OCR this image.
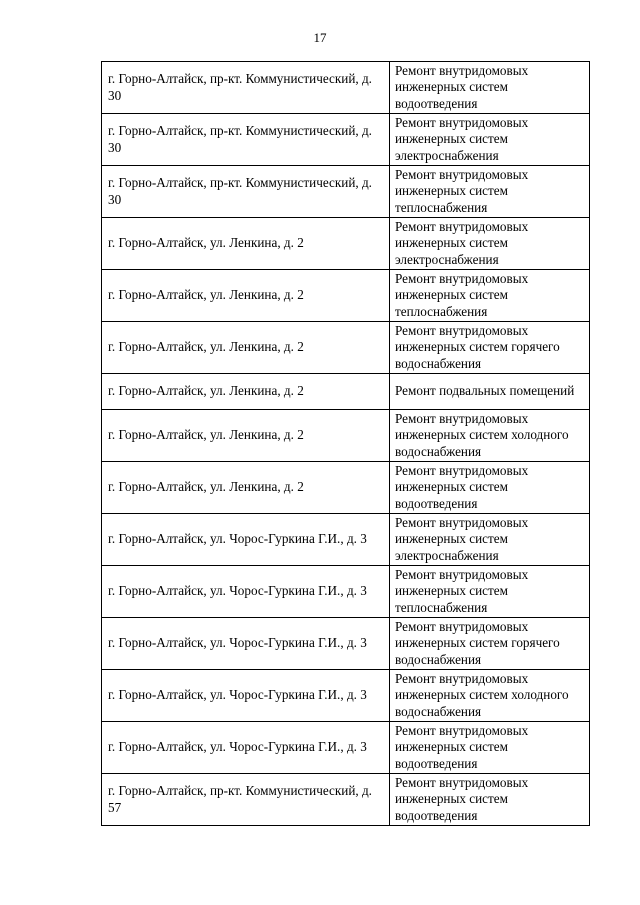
17
г. Горно-Алтайск, пр-кт. Коммунистический, д. 30	Ремонт внутридомовых инженерных систем водоотведения
г. Горно-Алтайск, пр-кт. Коммунистический, д. 30	Ремонт внутридомовых инженерных систем электроснабжения
г. Горно-Алтайск, пр-кт. Коммунистический, д. 30	Ремонт внутридомовых инженерных систем теплоснабжения
г. Горно-Алтайск, ул. Ленкина, д. 2	Ремонт внутридомовых инженерных систем электроснабжения
г. Горно-Алтайск, ул. Ленкина, д. 2	Ремонт внутридомовых инженерных систем теплоснабжения
г. Горно-Алтайск, ул. Ленкина, д. 2	Ремонт внутридомовых инженерных систем горячего водоснабжения
г. Горно-Алтайск, ул. Ленкина, д. 2	Ремонт подвальных помещений
г. Горно-Алтайск, ул. Ленкина, д. 2	Ремонт внутридомовых инженерных систем холодного водоснабжения
г. Горно-Алтайск, ул. Ленкина, д. 2	Ремонт внутридомовых инженерных систем водоотведения
г. Горно-Алтайск, ул. Чорос-Гуркина Г.И., д. 3	Ремонт внутридомовых инженерных систем электроснабжения
г. Горно-Алтайск, ул. Чорос-Гуркина Г.И., д. 3	Ремонт внутридомовых инженерных систем теплоснабжения
г. Горно-Алтайск, ул. Чорос-Гуркина Г.И., д. 3	Ремонт внутридомовых инженерных систем горячего водоснабжения
г. Горно-Алтайск, ул. Чорос-Гуркина Г.И., д. 3	Ремонт внутридомовых инженерных систем холодного водоснабжения
г. Горно-Алтайск, ул. Чорос-Гуркина Г.И., д. 3	Ремонт внутридомовых инженерных систем водоотведения
г. Горно-Алтайск, пр-кт. Коммунистический, д. 57	Ремонт внутридомовых инженерных систем водоотведения
